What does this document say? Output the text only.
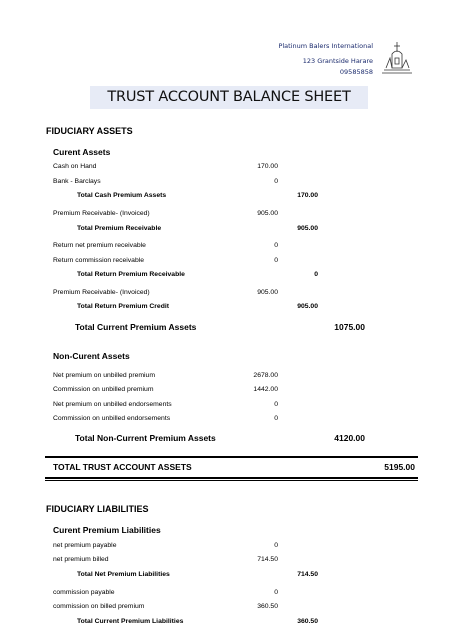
Platinum Balers International
123 Grantside Harare
09585858
TRUST ACCOUNT BALANCE SHEET
FIDUCIARY ASSETS
Curent Assets
Cash on Hand	170.00
Bank - Barclays	0
Total Cash Premium Assets	170.00
Premium Receivable- (Invoiced)	905.00
Total Premium Receivable	905.00
Return net premium receivable	0
Return commission receivable	0
Total Return Premium Receivable	0
Premium Receivable- (Invoiced)	905.00
Total Return Premium Credit	905.00
Total Current Premium Assets	1075.00
Non-Curent Assets
Net premium on unbilled premium	2678.00
Commission on unbilled premium	1442.00
Net premium on unbilled endorsements	0
Commission on unbilled endorsements	0
Total Non-Current Premium Assets	4120.00
TOTAL TRUST ACCOUNT ASSETS	5195.00
FIDUCIARY LIABILITIES
Curent Premium Liabilities
net premium payable	0
net premium billed	714.50
Total Net Premium Liabilities	714.50
commission payable	0
commission on billed premium	360.50
Total Current Premium Liabilities	360.50
